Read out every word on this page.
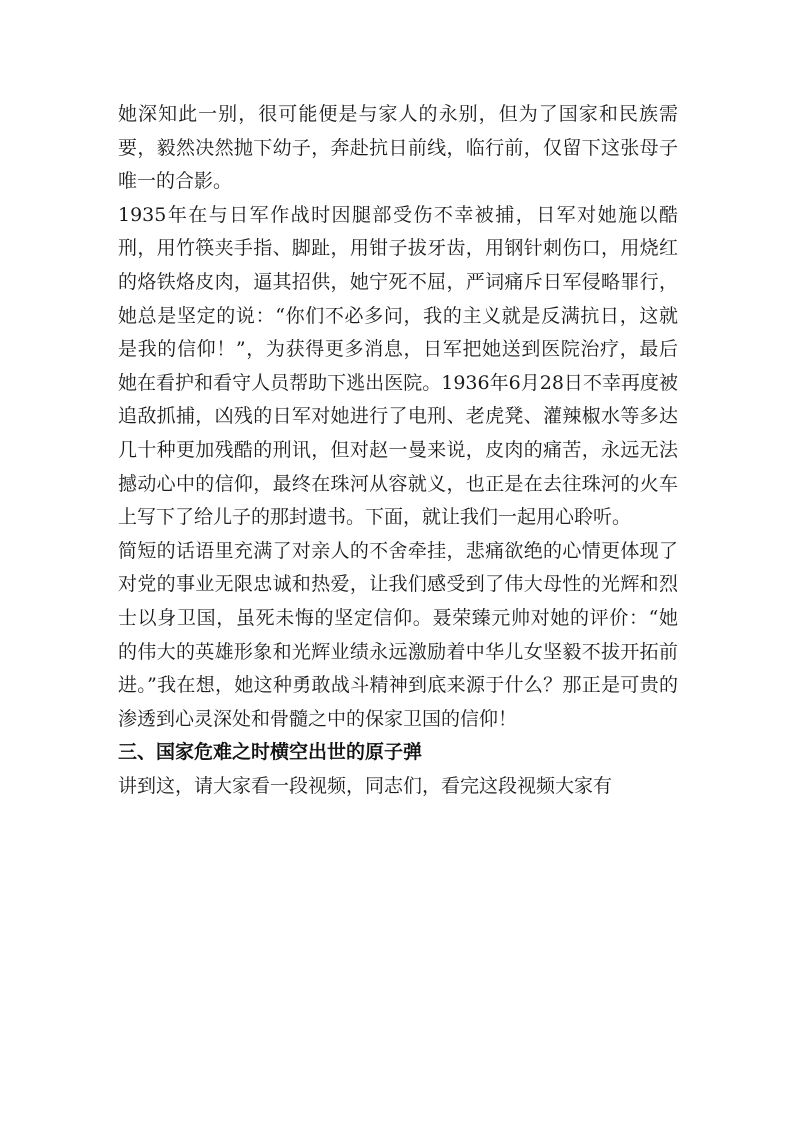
她深知此一别，很可能便是与家人的永别，但为了国家和民族需要，毅然决然抛下幼子，奔赴抗日前线，临行前，仅留下这张母子唯一的合影。

1935年在与日军作战时因腿部受伤不幸被捕，日军对她施以酷刑，用竹筷夹手指、脚趾，用钳子拔牙齿，用钢针刺伤口，用烧红的烙铁烙皮肉，逼其招供，她宁死不屈，严词痛斥日军侵略罪行，她总是坚定的说：“你们不必多问，我的主义就是反满抗日，这就是我的信仰！”，为获得更多消息，日军把她送到医院治疗，最后她在看护和看守人员帮助下逃出医院。1936年6月28日不幸再度被追敌抓捕，凶残的日军对她进行了电刑、老虎凳、灌辣椒水等多达几十种更加残酷的刑讯，但对赵一曼来说，皮肉的痛苦，永远无法撼动心中的信仰，最终在珠河从容就义，也正是在去往珠河的火车上写下了给儿子的那封遗书。下面，就让我们一起用心聆听。

简短的话语里充满了对亲人的不舍牵挂，悲痛欲绝的心情更体现了对党的事业无限忠诚和热爱，让我们感受到了伟大母性的光辉和烈士以身卫国，虽死未悔的坚定信仰。聂荣臻元帅对她的评价：“她的伟大的英雄形象和光辉业绩永远激励着中华儿女坚毅不拔开拓前进。”我在想，她这种勇敢战斗精神到底来源于什么？那正是可贵的渗透到心灵深处和骨髓之中的保家卫国的信仰！

三、国家危难之时横空出世的原子弹

讲到这，请大家看一段视频，同志们，看完这段视频大家有
